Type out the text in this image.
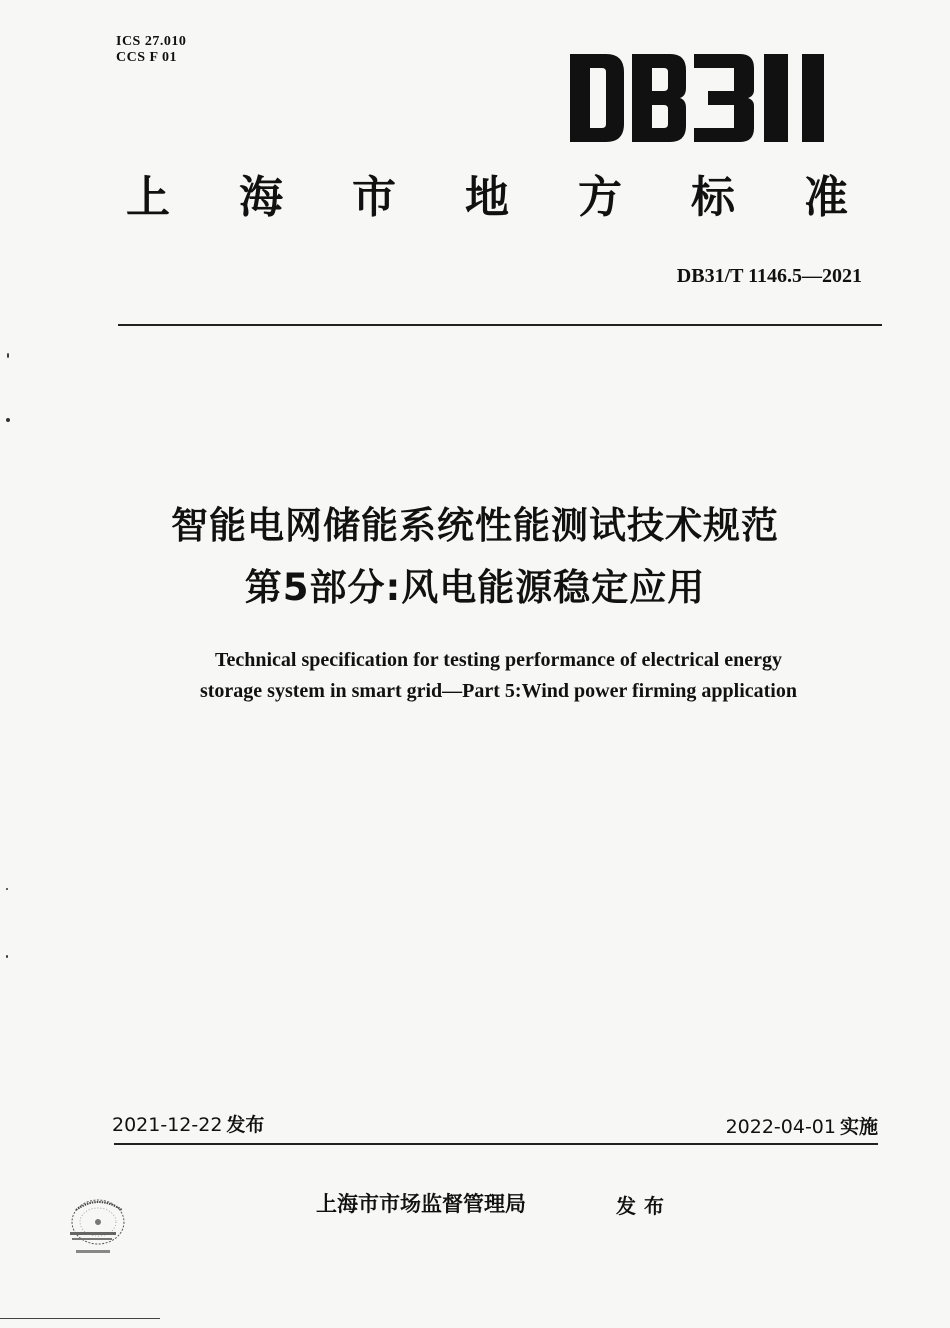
ICS 27.010
CCS F 01
上海市地方标准
DB31/T 1146.5—2021
智能电网储能系统性能测试技术规范
第5部分:风电能源稳定应用
Technical specification for testing performance of electrical energy
storage system in smart grid—Part 5:Wind power firming application
2021-12-22 发布	2022-04-01 实施
上海市市场监督管理局	发布
